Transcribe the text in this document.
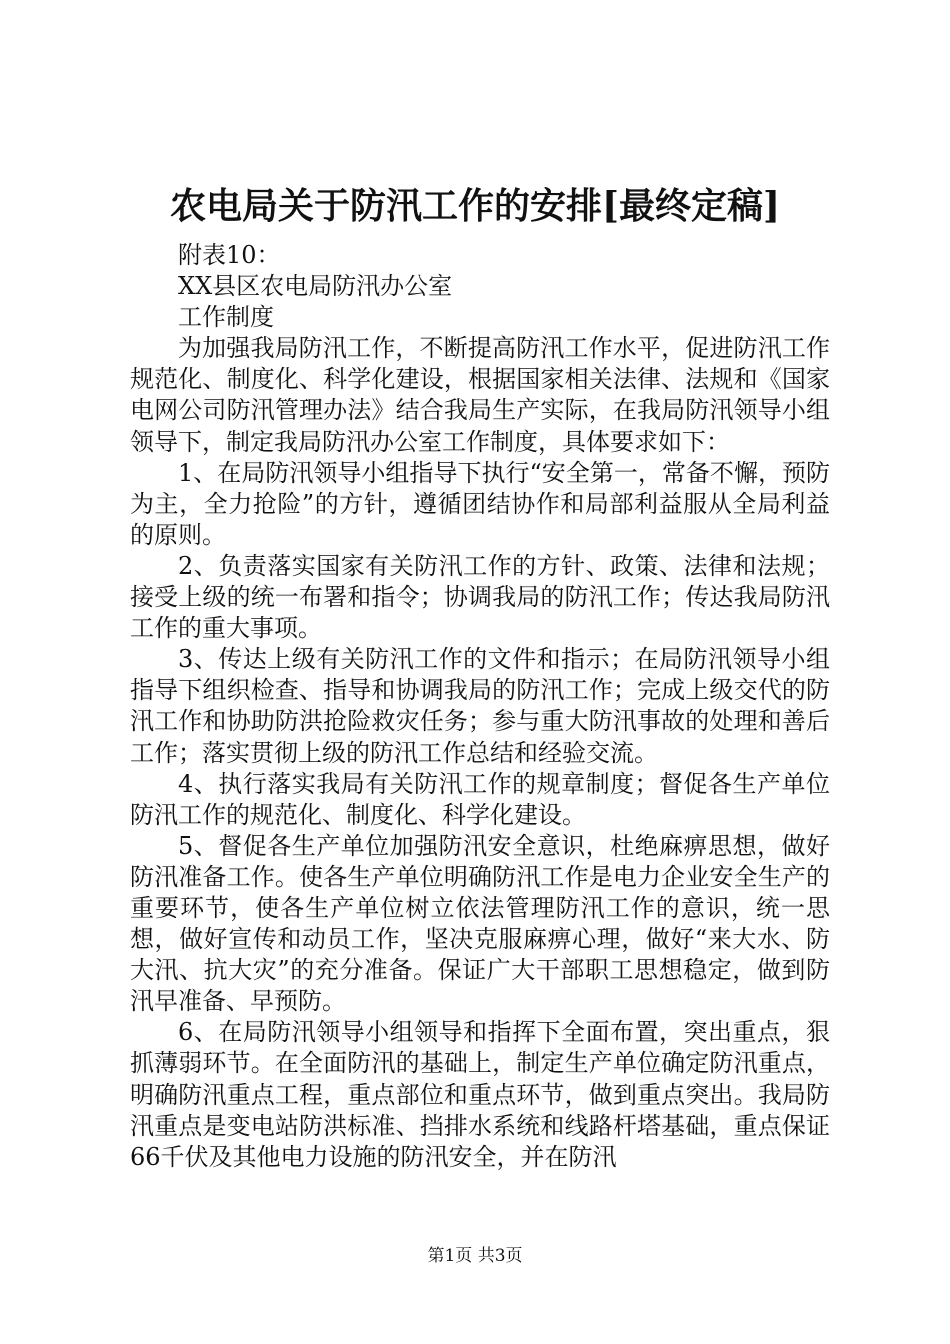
农电局关于防汛工作的安排[最终定稿]

附表10：

XX县区农电局防汛办公室

工作制度

为加强我局防汛工作，不断提高防汛工作水平，促进防汛工作规范化、制度化、科学化建设，根据国家相关法律、法规和《国家电网公司防汛管理办法》结合我局生产实际，在我局防汛领导小组领导下，制定我局防汛办公室工作制度，具体要求如下：

1、在局防汛领导小组指导下执行“安全第一，常备不懈，预防为主，全力抢险”的方针，遵循团结协作和局部利益服从全局利益的原则。

2、负责落实国家有关防汛工作的方针、政策、法律和法规；接受上级的统一布署和指令；协调我局的防汛工作；传达我局防汛工作的重大事项。

3、传达上级有关防汛工作的文件和指示；在局防汛领导小组指导下组织检查、指导和协调我局的防汛工作；完成上级交代的防汛工作和协助防洪抢险救灾任务；参与重大防汛事故的处理和善后工作；落实贯彻上级的防汛工作总结和经验交流。

4、执行落实我局有关防汛工作的规章制度；督促各生产单位防汛工作的规范化、制度化、科学化建设。

5、督促各生产单位加强防汛安全意识，杜绝麻痹思想，做好防汛准备工作。使各生产单位明确防汛工作是电力企业安全生产的重要环节，使各生产单位树立依法管理防汛工作的意识，统一思想，做好宣传和动员工作，坚决克服麻痹心理，做好“来大水、防大汛、抗大灾”的充分准备。保证广大干部职工思想稳定，做到防汛早准备、早预防。

6、在局防汛领导小组领导和指挥下全面布置，突出重点，狠抓薄弱环节。在全面防汛的基础上，制定生产单位确定防汛重点，明确防汛重点工程，重点部位和重点环节，做到重点突出。我局防汛重点是变电站防洪标准、挡排水系统和线路杆塔基础，重点保证66千伏及其他电力设施的防汛安全，并在防汛

第1页 共3页
